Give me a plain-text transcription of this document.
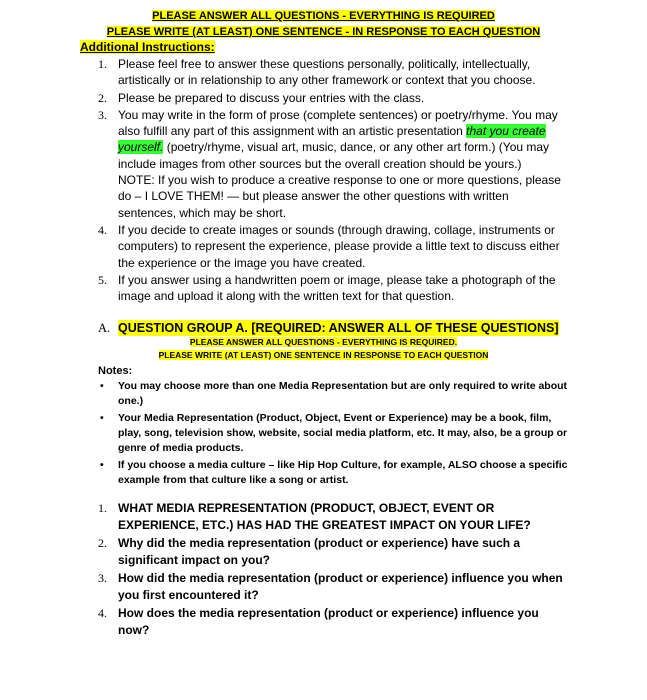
PLEASE ANSWER ALL QUESTIONS - EVERYTHING IS REQUIRED
PLEASE WRITE (AT LEAST) ONE SENTENCE - IN RESPONSE TO EACH QUESTION
Additional Instructions:
1. Please feel free to answer these questions personally, politically, intellectually, artistically or in relationship to any other framework or context that you choose.
2. Please be prepared to discuss your entries with the class.
3. You may write in the form of prose (complete sentences) or poetry/rhyme. You may also fulfill any part of this assignment with an artistic presentation that you create yourself. (poetry/rhyme, visual art, music, dance, or any other art form.) (You may include images from other sources but the overall creation should be yours.)
NOTE: If you wish to produce a creative response to one or more questions, please do – I LOVE THEM! — but please answer the other questions with written sentences, which may be short.
4. If you decide to create images or sounds (through drawing, collage, instruments or computers) to represent the experience, please provide a little text to discuss either the experience or the image you have created.
5. If you answer using a handwritten poem or image, please take a photograph of the image and upload it along with the written text for that question.
A. QUESTION GROUP A. [REQUIRED: ANSWER ALL OF THESE QUESTIONS]
PLEASE ANSWER ALL QUESTIONS - EVERYTHING IS REQUIRED.
PLEASE WRITE (AT LEAST) ONE SENTENCE IN RESPONSE TO EACH QUESTION
Notes:
• You may choose more than one Media Representation but are only required to write about one.)
• Your Media Representation (Product, Object, Event or Experience) may be a book, film, play, song, television show, website, social media platform, etc. It may, also, be a group or genre of media products.
• If you choose a media culture – like Hip Hop Culture, for example, ALSO choose a specific example from that culture like a song or artist.
1. WHAT MEDIA REPRESENTATION (PRODUCT, OBJECT, EVENT OR EXPERIENCE, ETC.) HAS HAD THE GREATEST IMPACT ON YOUR LIFE?
2. Why did the media representation (product or experience) have such a significant impact on you?
3. How did the media representation (product or experience) influence you when you first encountered it?
4. How does the media representation (product or experience) influence you now?
